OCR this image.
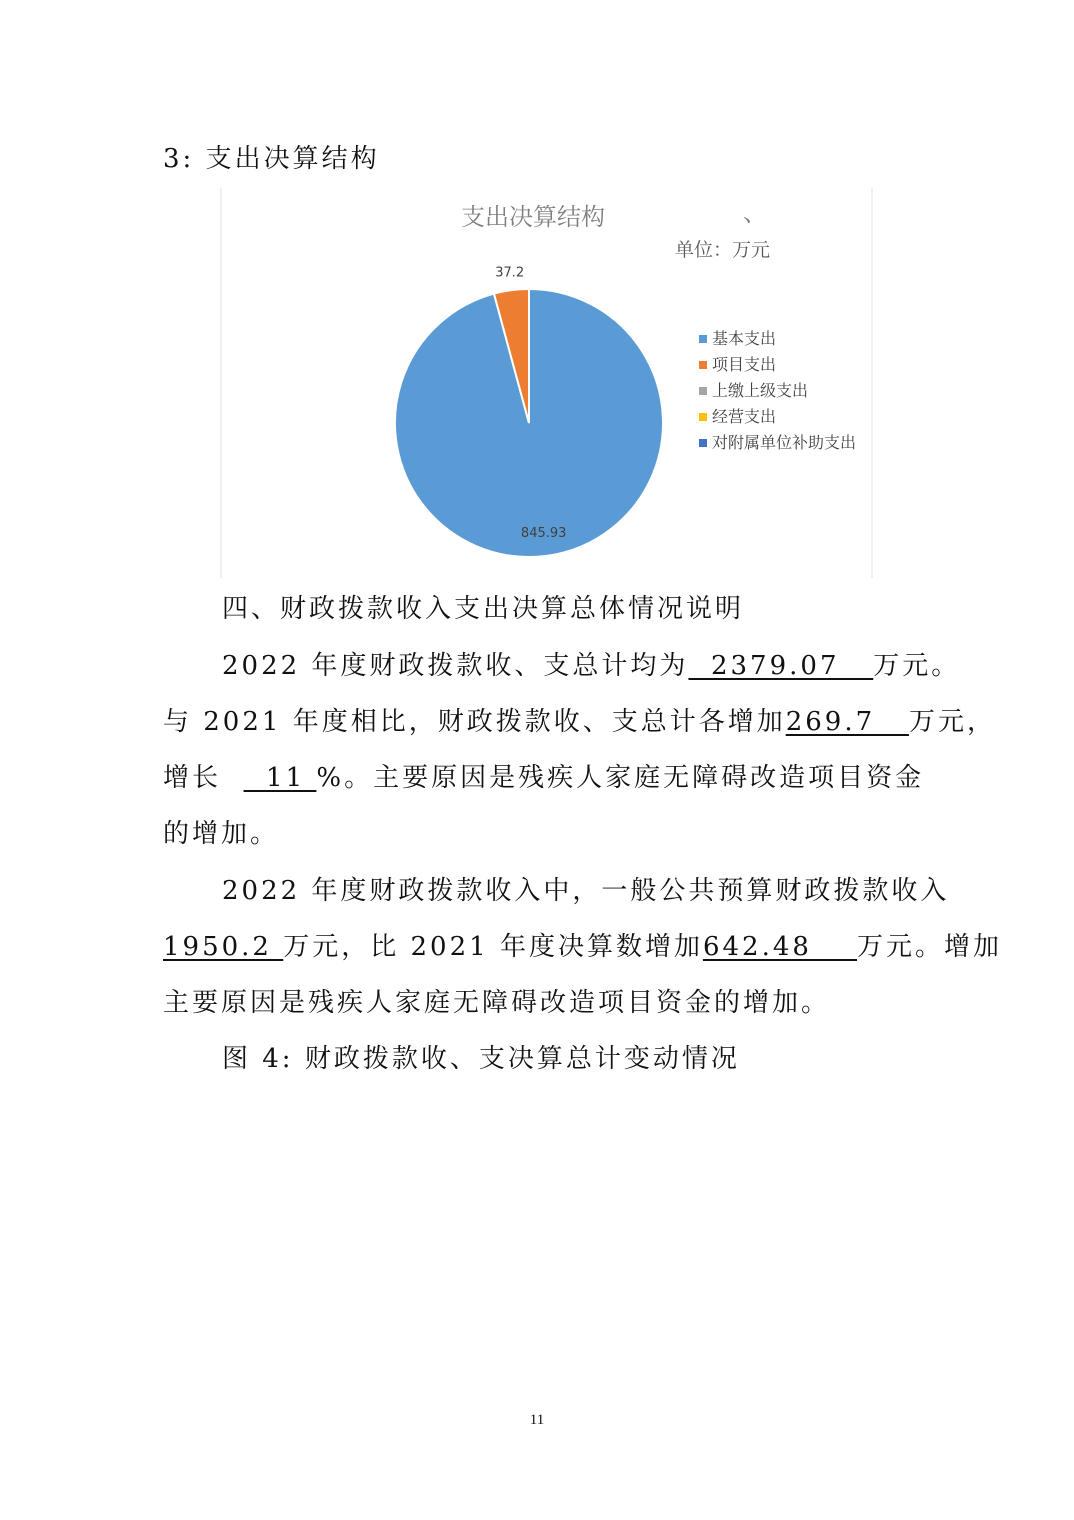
3: 支出决算结构
支出决算结构	、
单位：万元
845.93
37.2
基本支出
项目支出
上缴上级支出
经营支出
对附属单位补助支出
四、财政拨款收入支出决算总体情况说明
2022 年度财政拨款收、支总计均为  2379.07   万元。
与 2021 年度相比，财政拨款收、支总计各增加269.7   万元，
增长    11 %。主要原因是残疾人家庭无障碍改造项目资金
的增加。
2022 年度财政拨款收入中，一般公共预算财政拨款收入
1950.2 万元，比 2021 年度决算数增加642.48    万元。增加
主要原因是残疾人家庭无障碍改造项目资金的增加。
图 4: 财政拨款收、支决算总计变动情况
11
